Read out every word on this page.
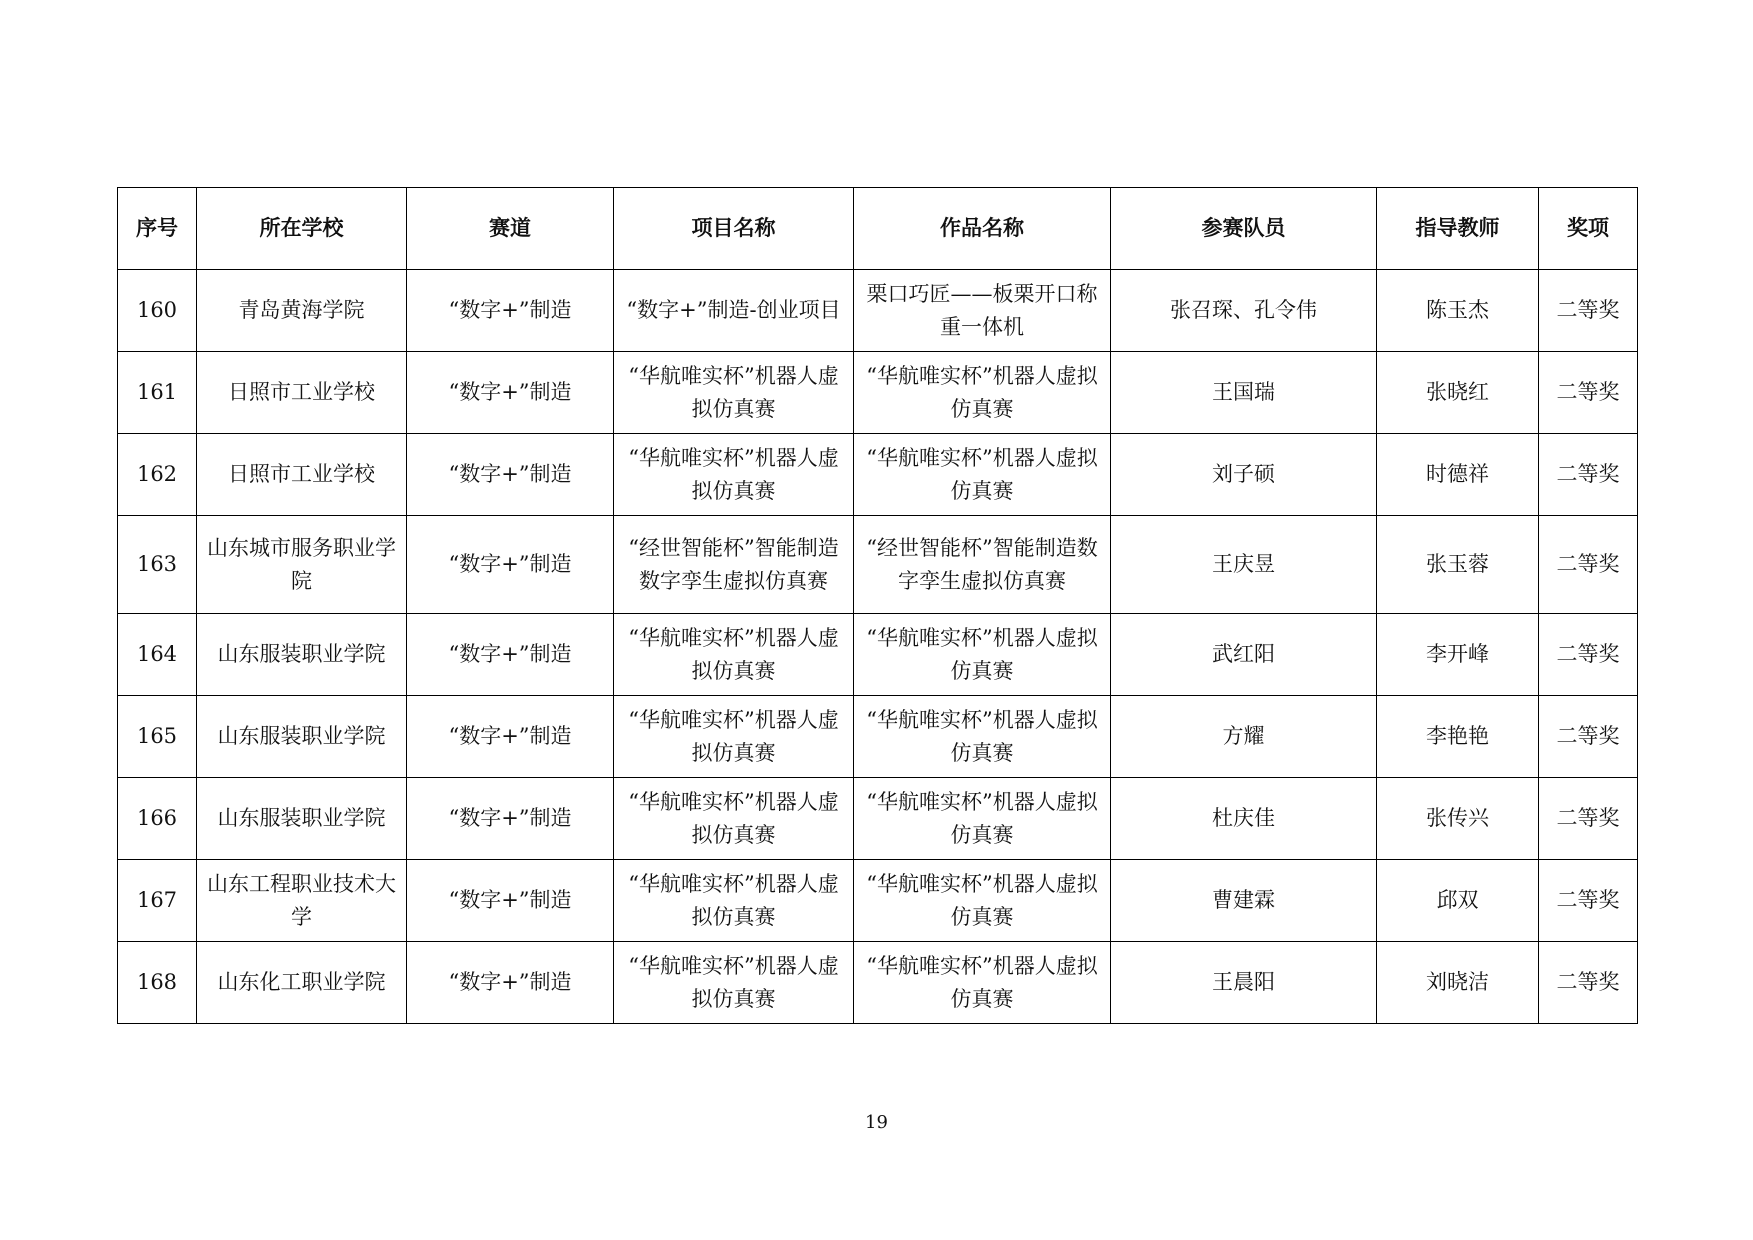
序号	所在学校	赛道	项目名称	作品名称	参赛队员	指导教师	奖项
160	青岛黄海学院	“数字+”制造	“数字+”制造-创业项目	栗口巧匠——板栗开口称重一体机	张召琛、孔令伟	陈玉杰	二等奖
161	日照市工业学校	“数字+”制造	“华航唯实杯”机器人虚拟仿真赛	“华航唯实杯”机器人虚拟仿真赛	王国瑞	张晓红	二等奖
162	日照市工业学校	“数字+”制造	“华航唯实杯”机器人虚拟仿真赛	“华航唯实杯”机器人虚拟仿真赛	刘子硕	时德祥	二等奖
163	山东城市服务职业学院	“数字+”制造	“经世智能杯”智能制造数字孪生虚拟仿真赛	“经世智能杯”智能制造数字孪生虚拟仿真赛	王庆昱	张玉蓉	二等奖
164	山东服装职业学院	“数字+”制造	“华航唯实杯”机器人虚拟仿真赛	“华航唯实杯”机器人虚拟仿真赛	武红阳	李开峰	二等奖
165	山东服装职业学院	“数字+”制造	“华航唯实杯”机器人虚拟仿真赛	“华航唯实杯”机器人虚拟仿真赛	方耀	李艳艳	二等奖
166	山东服装职业学院	“数字+”制造	“华航唯实杯”机器人虚拟仿真赛	“华航唯实杯”机器人虚拟仿真赛	杜庆佳	张传兴	二等奖
167	山东工程职业技术大学	“数字+”制造	“华航唯实杯”机器人虚拟仿真赛	“华航唯实杯”机器人虚拟仿真赛	曹建霖	邱双	二等奖
168	山东化工职业学院	“数字+”制造	“华航唯实杯”机器人虚拟仿真赛	“华航唯实杯”机器人虚拟仿真赛	王晨阳	刘晓洁	二等奖
19
